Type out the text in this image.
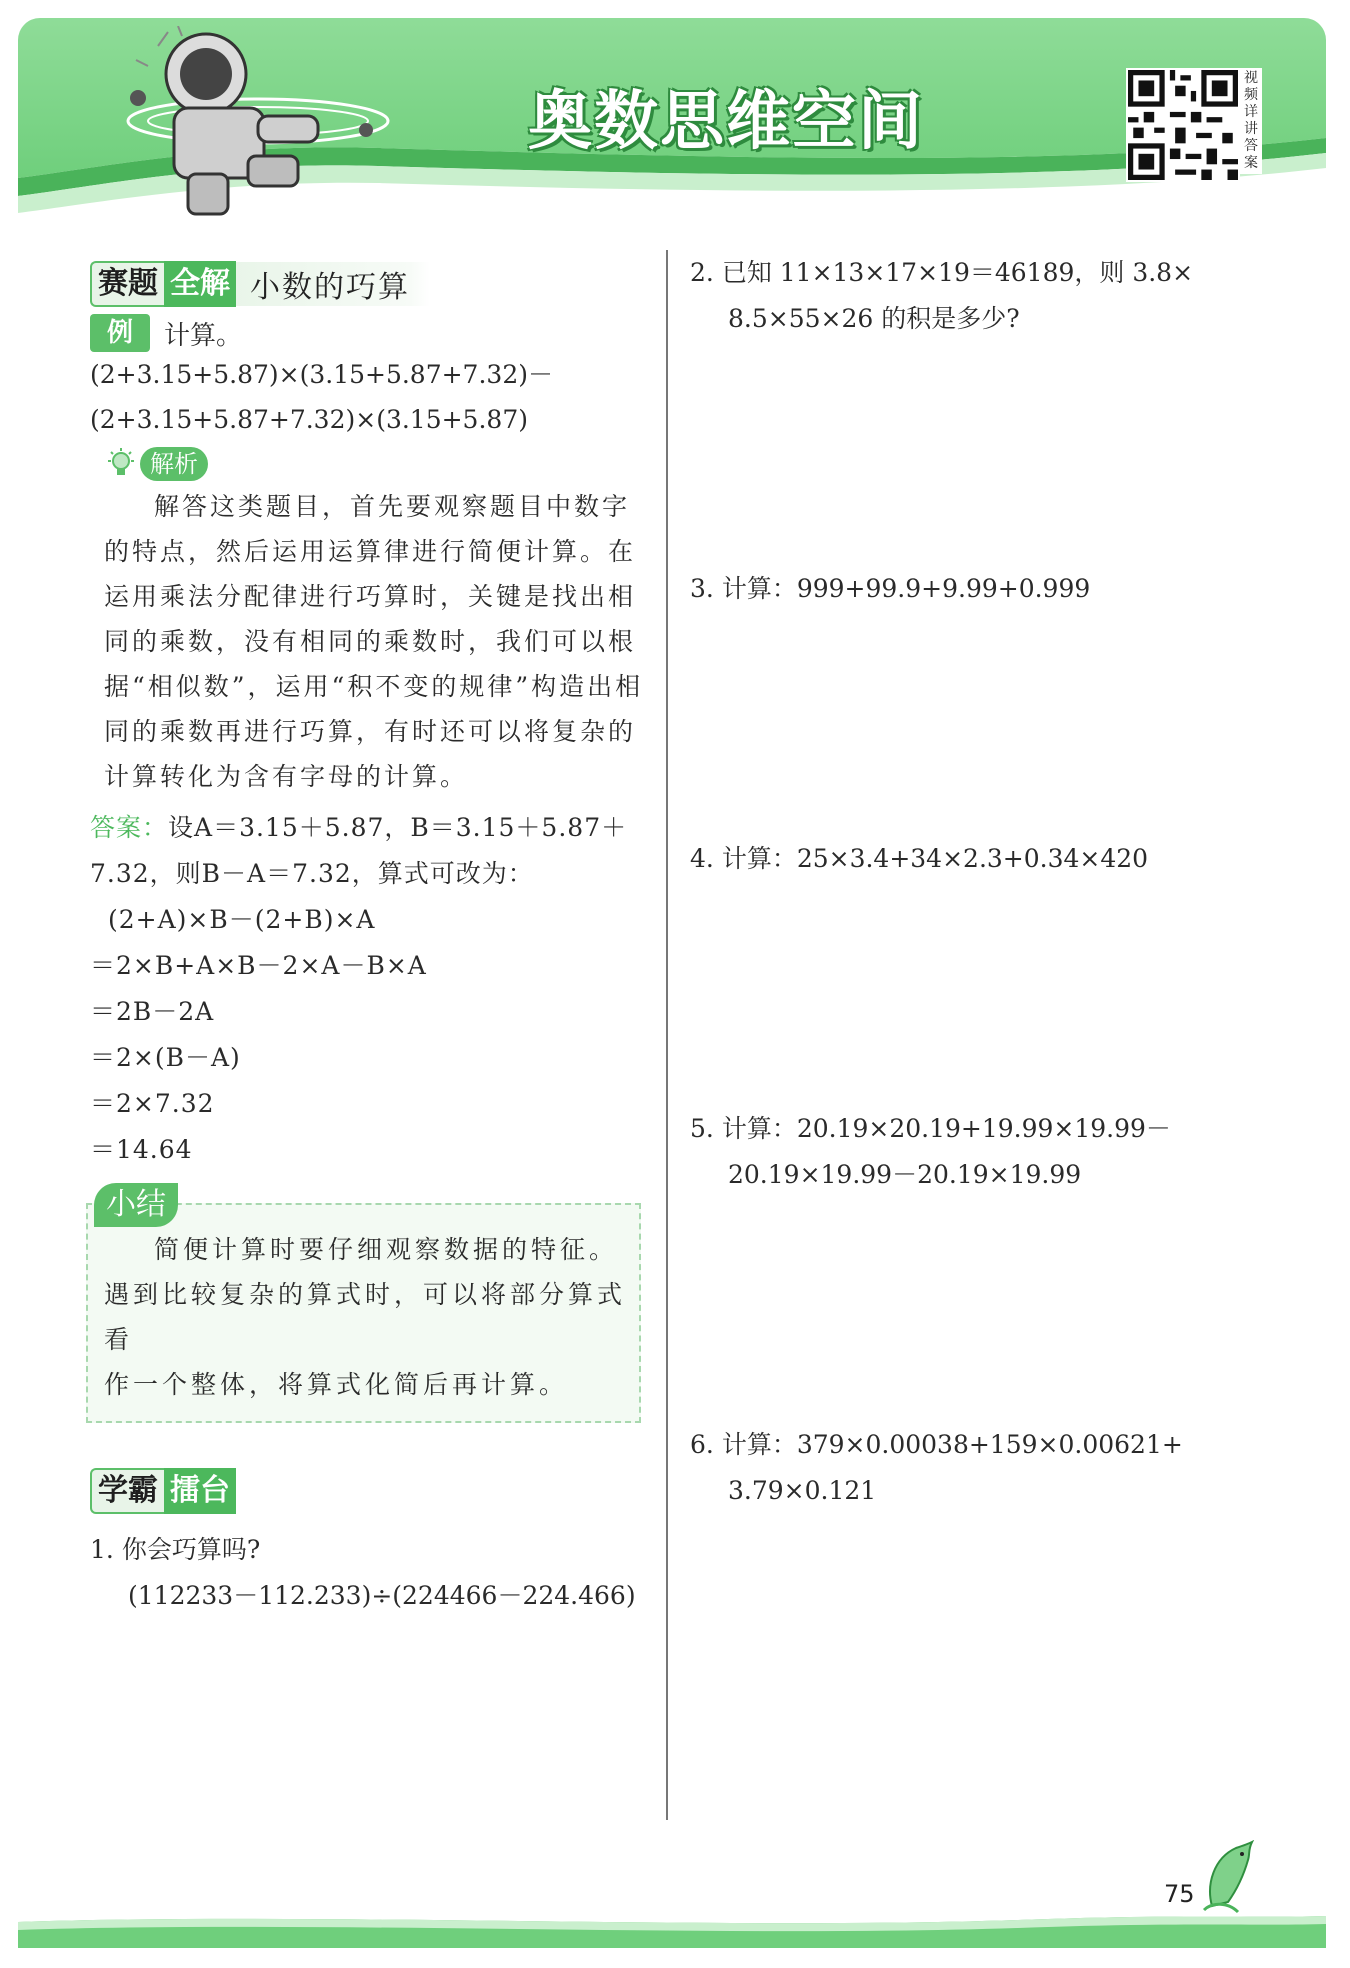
奥数思维空间
视频详讲答案
赛题 全解 小数的巧算
例	计算。
(2+3.15+5.87)×(3.15+5.87+7.32)－
(2+3.15+5.87+7.32)×(3.15+5.87)
解析
解答这类题目，首先要观察题目中数字
的特点，然后运用运算律进行简便计算。在
运用乘法分配律进行巧算时，关键是找出相
同的乘数，没有相同的乘数时，我们可以根
据“相似数”，运用“积不变的规律”构造出相
同的乘数再进行巧算，有时还可以将复杂的
计算转化为含有字母的计算。
答案：设A＝3.15＋5.87，B＝3.15＋5.87＋
7.32，则B－A＝7.32，算式可改为：
(2+A)×B－(2+B)×A
＝2×B+A×B－2×A－B×A
＝2B－2A
＝2×(B－A)
＝2×7.32
＝14.64
小结
简便计算时要仔细观察数据的特征。
遇到比较复杂的算式时，可以将部分算式看
作一个整体，将算式化简后再计算。
学霸 擂台
1. 你会巧算吗?
(112233－112.233)÷(224466－224.466)
2. 已知 11×13×17×19＝46189，则 3.8×
8.5×55×26 的积是多少?
3. 计算：999+99.9+9.99+0.999
4. 计算：25×3.4+34×2.3+0.34×420
5. 计算：20.19×20.19+19.99×19.99－
20.19×19.99－20.19×19.99
6. 计算：379×0.00038+159×0.00621+
3.79×0.121
75
